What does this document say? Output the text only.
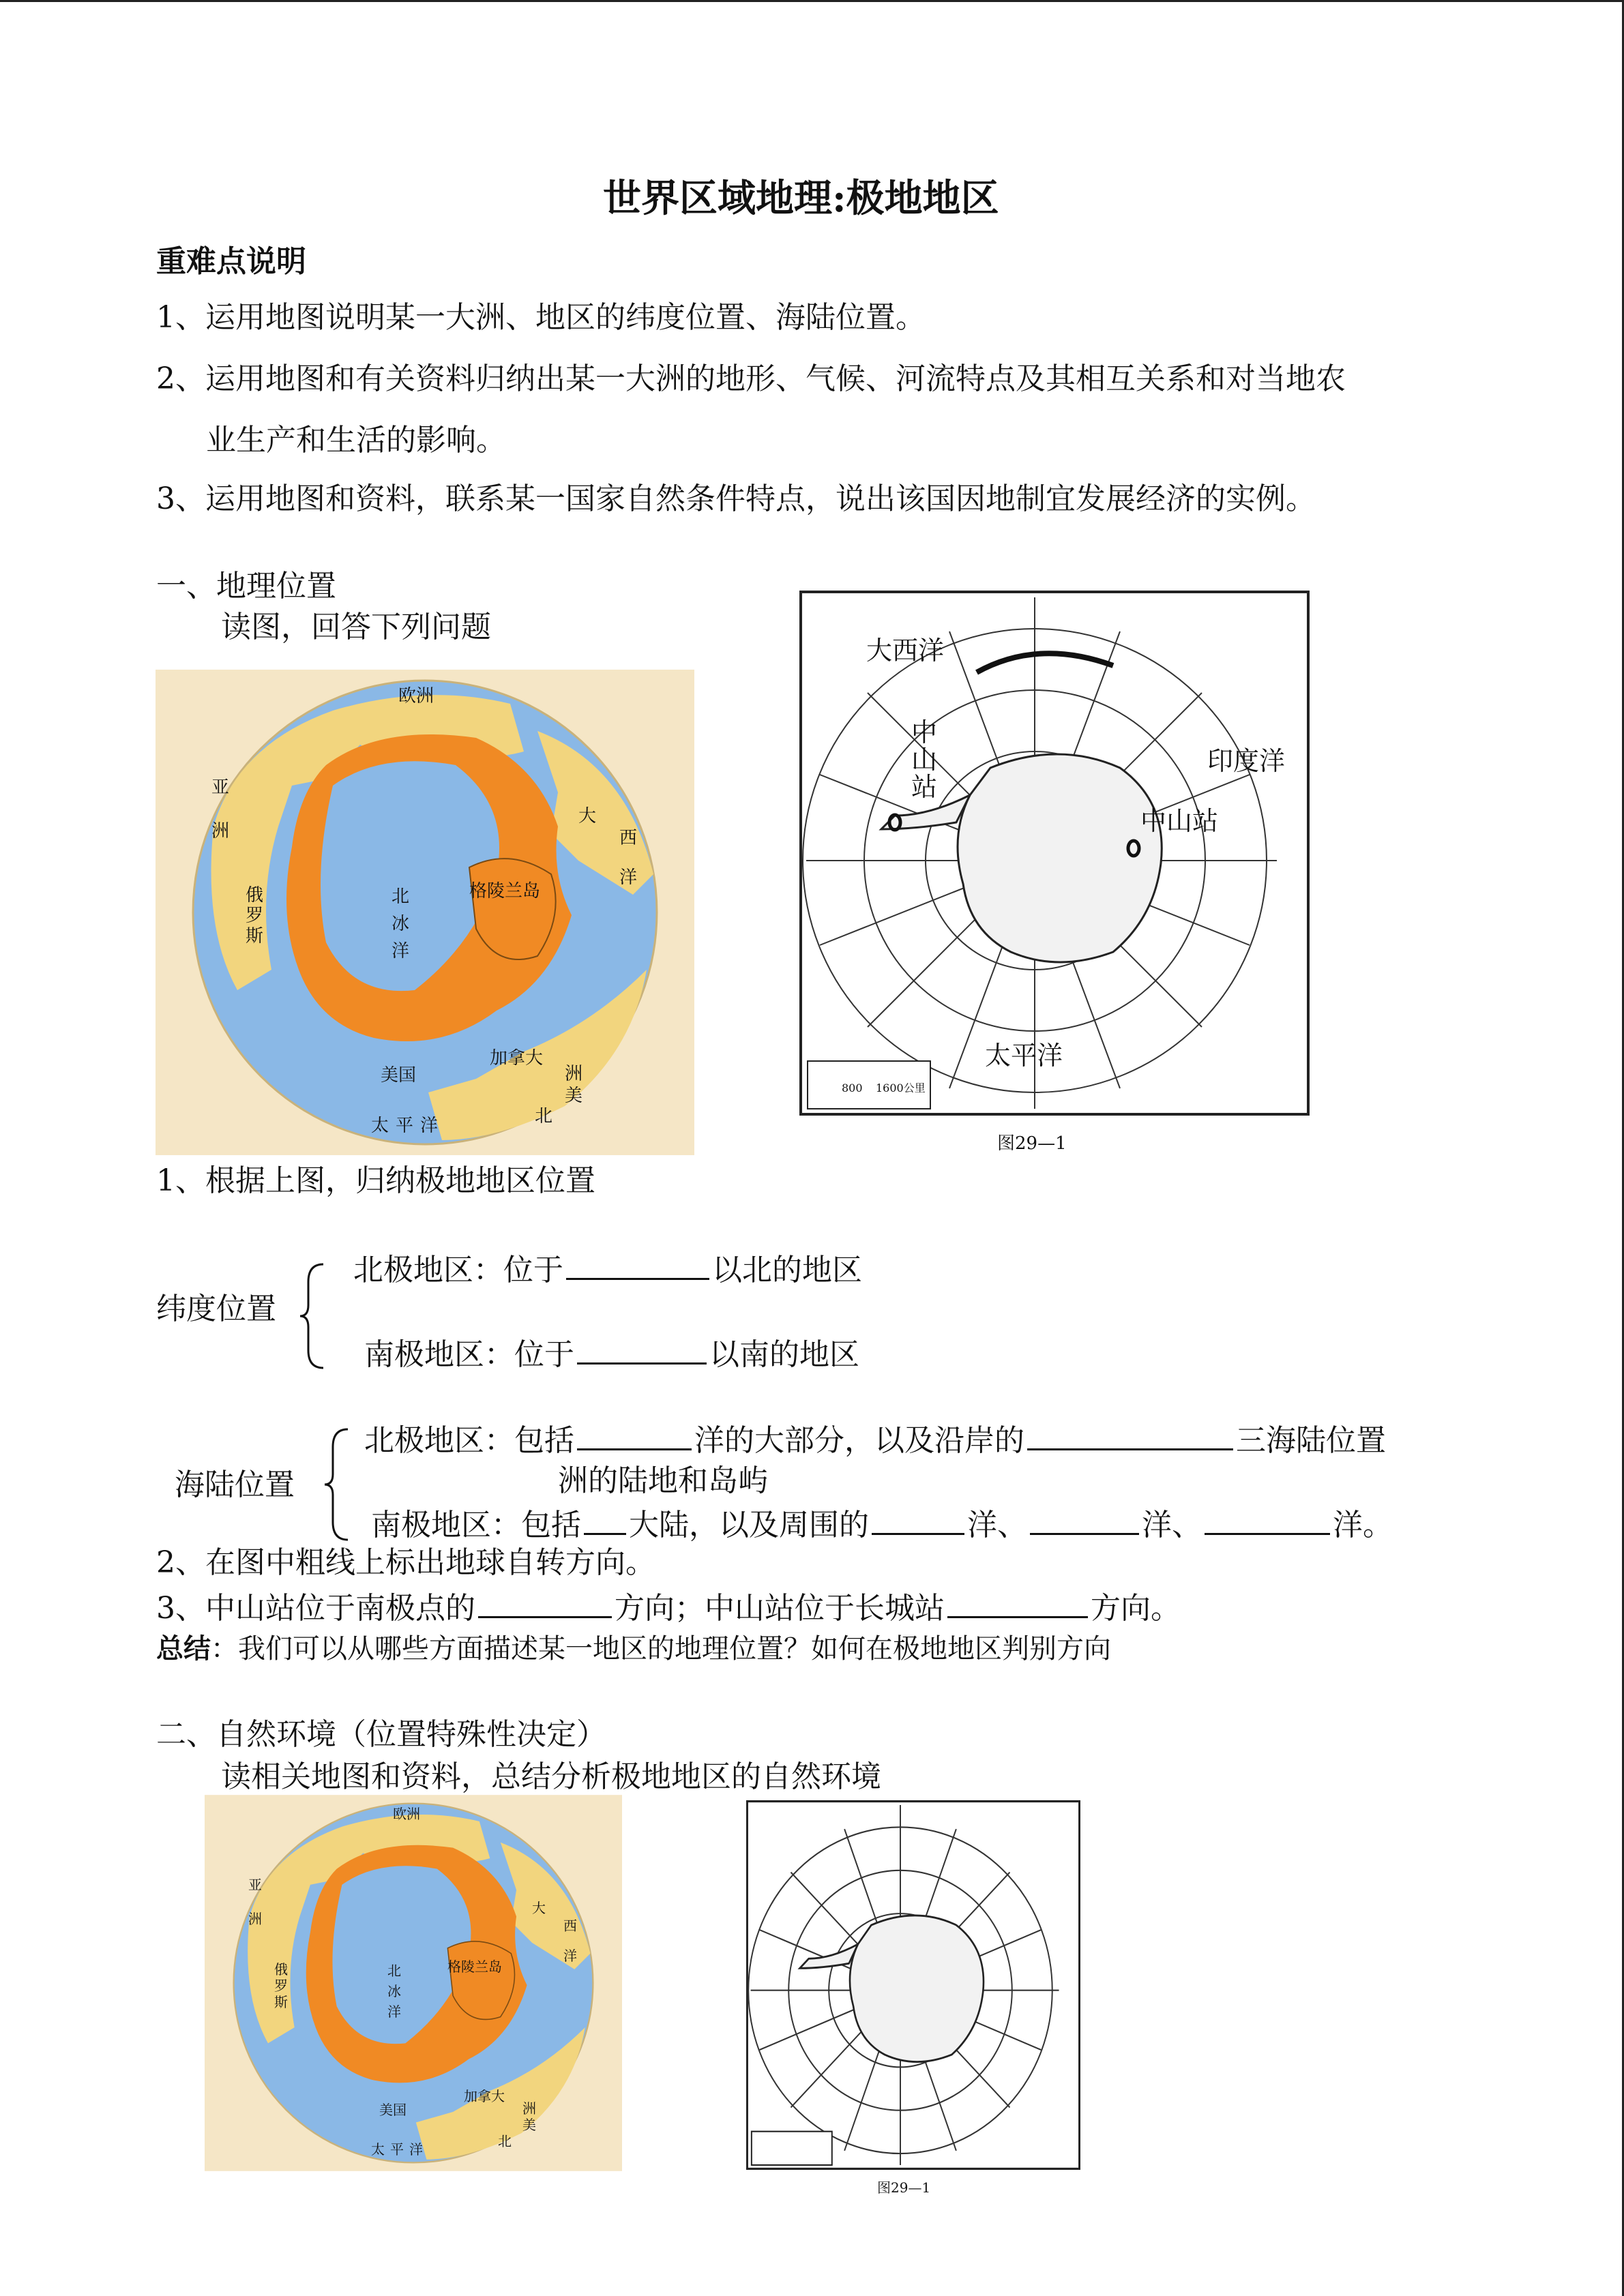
世界区域地理:极地地区
重难点说明
1、运用地图说明某一大洲、地区的纬度位置、海陆位置。
2、运用地图和有关资料归纳出某一大洲的地形、气候、河流特点及其相互关系和对当地农
业生产和生活的影响。
3、运用地图和资料，联系某一国家自然条件特点，说出该国因地制宜发展经济的实例。
一、地理位置
读图，回答下列问题
欧洲
亚
洲
俄
罗
斯
北
冰
洋
格陵兰岛
大
西
洋
加拿大
美
洲
北
美国
太 平 洋
大西洋
印度洋
太平洋
中山站
中
山
站
800 1600公里
图29—1
1、根据上图，归纳极地地区位置
纬度位置
北极地区：位于	以北的地区
南极地区：位于	以南的地区
海陆位置
北极地区：包括	洋的大部分，以及沿岸的	三海陆位置
洲的陆地和岛屿
南极地区：包括 大陆，以及周围的	洋、	洋、	洋。
2、在图中粗线上标出地球自转方向。
3、中山站位于南极点的	方向；中山站位于长城站	方向。
总结：我们可以从哪些方面描述某一地区的地理位置？如何在极地地区判别方向
二、自然环境（位置特殊性决定）
读相关地图和资料，总结分析极地地区的自然环境
欧洲
亚
洲
俄
罗
斯
北
冰
洋
格陵兰岛
大
西
洋
加拿大
美
洲
北
美国
太 平 洋
图29—1
